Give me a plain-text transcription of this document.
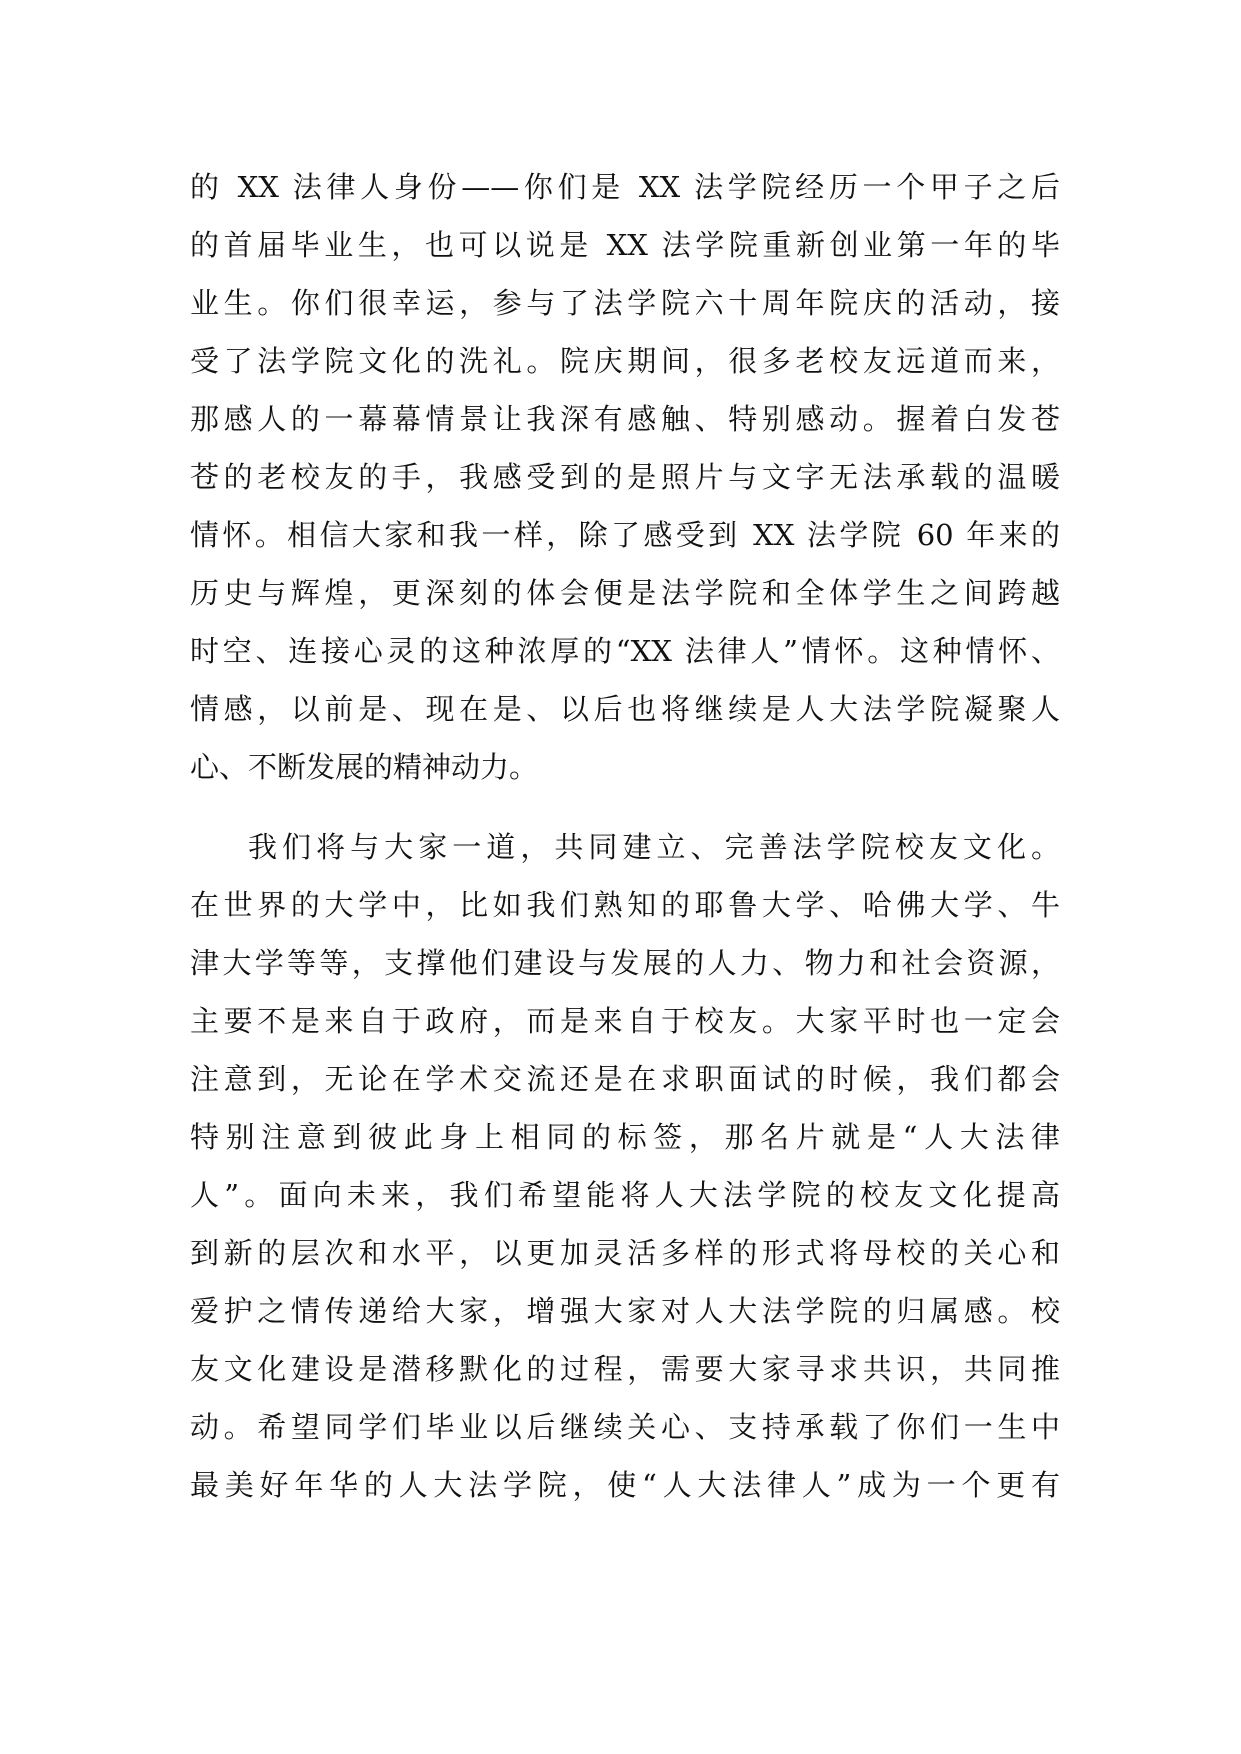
的 XX 法律人身份——你们是 XX 法学院经历一个甲子之后
的首届毕业生，也可以说是 XX 法学院重新创业第一年的毕
业生。你们很幸运，参与了法学院六十周年院庆的活动，接
受了法学院文化的洗礼。院庆期间，很多老校友远道而来，
那感人的一幕幕情景让我深有感触、特别感动。握着白发苍
苍的老校友的手，我感受到的是照片与文字无法承载的温暖
情怀。相信大家和我一样，除了感受到 XX 法学院 60 年来的
历史与辉煌，更深刻的体会便是法学院和全体学生之间跨越
时空、连接心灵的这种浓厚的“XX 法律人”情怀。这种情怀、
情感，以前是、现在是、以后也将继续是人大法学院凝聚人
心、不断发展的精神动力。
我们将与大家一道，共同建立、完善法学院校友文化。
在世界的大学中，比如我们熟知的耶鲁大学、哈佛大学、牛
津大学等等，支撑他们建设与发展的人力、物力和社会资源，
主要不是来自于政府，而是来自于校友。大家平时也一定会
注意到，无论在学术交流还是在求职面试的时候，我们都会
特别注意到彼此身上相同的标签，那名片就是“人大法律
人”。面向未来，我们希望能将人大法学院的校友文化提高
到新的层次和水平，以更加灵活多样的形式将母校的关心和
爱护之情传递给大家，增强大家对人大法学院的归属感。校
友文化建设是潜移默化的过程，需要大家寻求共识，共同推
动。希望同学们毕业以后继续关心、支持承载了你们一生中
最美好年华的人大法学院，使“人大法律人”成为一个更有
